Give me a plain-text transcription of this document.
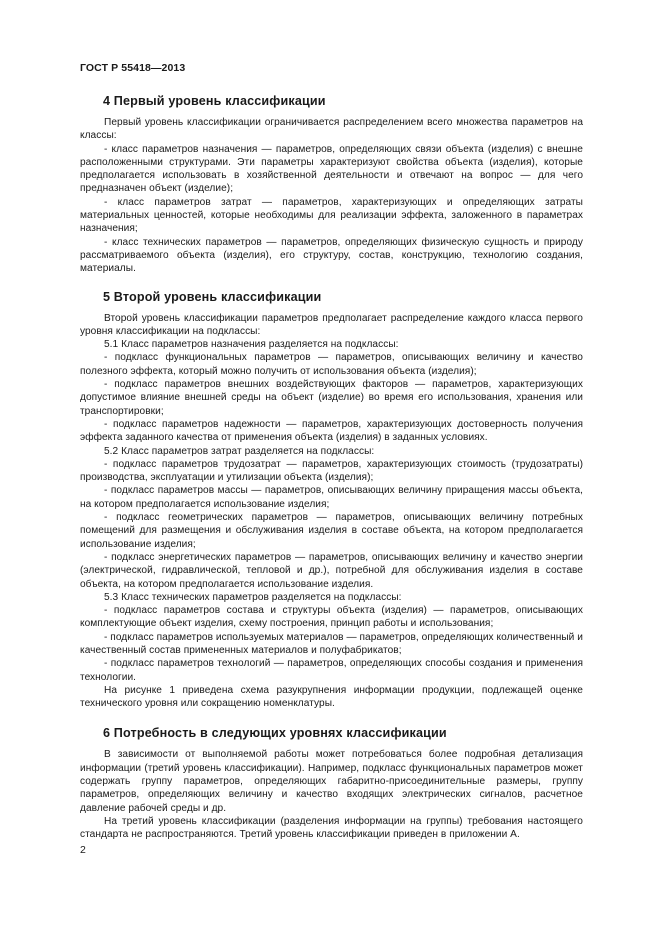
ГОСТ Р 55418—2013
4 Первый уровень классификации

Первый уровень классификации ограничивается распределением всего множества параметров на классы:

- класс параметров назначения — параметров, определяющих связи объекта (изделия) с внешне расположенными структурами. Эти параметры характеризуют свойства объекта (изделия), которые предполагается использовать в хозяйственной деятельности и отвечают на вопрос — для чего предназначен объект (изделие);

- класс параметров затрат — параметров, характеризующих и определяющих затраты материальных ценностей, которые необходимы для реализации эффекта, заложенного в параметрах назначения;

- класс технических параметров — параметров, определяющих физическую сущность и природу рассматриваемого объекта (изделия), его структуру, состав, конструкцию, технологию создания, материалы.

5 Второй уровень классификации

Второй уровень классификации параметров предполагает распределение каждого класса первого уровня классификации на подклассы:

5.1 Класс параметров назначения разделяется на подклассы:

- подкласс функциональных параметров — параметров, описывающих величину и качество полезного эффекта, который можно получить от использования объекта (изделия);

- подкласс параметров внешних воздействующих факторов — параметров, характеризующих допустимое влияние внешней среды на объект (изделие) во время его использования, хранения или транспортировки;

- подкласс параметров надежности — параметров, характеризующих достоверность получения эффекта заданного качества от применения объекта (изделия) в заданных условиях.

5.2 Класс параметров затрат разделяется на подклассы:

- подкласс параметров трудозатрат — параметров, характеризующих стоимость (трудозатраты) производства, эксплуатации и утилизации объекта (изделия);

- подкласс параметров массы — параметров, описывающих величину приращения массы объекта, на котором предполагается использование изделия;

- подкласс геометрических параметров — параметров, описывающих величину потребных помещений для размещения и обслуживания изделия в составе объекта, на котором предполагается использование изделия;

- подкласс энергетических параметров — параметров, описывающих величину и качество энергии (электрической, гидравлической, тепловой и др.), потребной для обслуживания изделия в составе объекта, на котором предполагается использование изделия.

5.3 Класс технических параметров разделяется на подклассы:

- подкласс параметров состава и структуры объекта (изделия) — параметров, описывающих комплектующие объект изделия, схему построения, принцип работы и использования;

- подкласс параметров используемых материалов — параметров, определяющих количественный и качественный состав примененных материалов и полуфабрикатов;

- подкласс параметров технологий — параметров, определяющих способы создания и применения технологии.

На рисунке 1 приведена схема разукрупнения информации продукции, подлежащей оценке технического уровня или сокращению номенклатуры.

6 Потребность в следующих уровнях классификации

В зависимости от выполняемой работы может потребоваться более подробная детализация информации (третий уровень классификации). Например, подкласс функциональных параметров может содержать группу параметров, определяющих габаритно-присоединительные размеры, группу параметров, определяющих величину и качество входящих электрических сигналов, расчетное давление рабочей среды и др.

На третий уровень классификации (разделения информации на группы) требования настоящего стандарта не распространяются. Третий уровень классификации приведен в приложении А.

2
